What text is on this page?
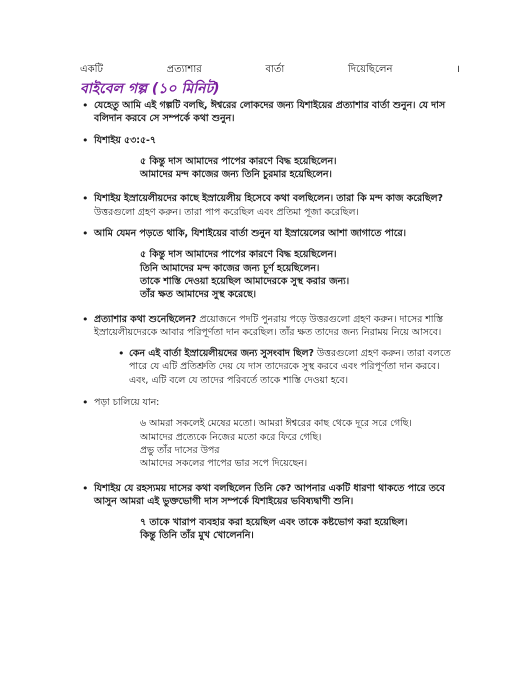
একটি	প্রত্যাশার	বার্তা	দিয়েছিলেন	।
বাইবেল গল্প (১০ মিনিট)
• যেহেতু আমি এই গল্পটি বলছি, ঈশ্বরের লোকদের জন্য যিশাইয়ের প্রত্যাশার বার্তা শুনুন। যে দাস বলিদান করবে সে সম্পর্কে কথা শুনুন।
• যিশাইয় ৫৩:৫-৭
৫ কিন্তু দাস আমাদের পাপের কারণে বিদ্ধ হয়েছিলেন।
আমাদের মন্দ কাজের জন্য তিনি চুরমার হয়েছিলেন।
• যিশাইয় ইস্রায়েলীয়দের কাছে ইস্রায়েলীয় হিসেবে কথা বলছিলেন। তারা কি মন্দ কাজ করেছিল? উত্তরগুলো গ্রহণ করুন। তারা পাপ করেছিল এবং প্রতিমা পূজা করেছিল।
• আমি যেমন পড়তে থাকি, যিশাইয়ের বার্তা শুনুন যা ইস্রায়েলের আশা জাগাতে পারে।
৫ কিন্তু দাস আমাদের পাপের কারণে বিদ্ধ হয়েছিলেন।
তিনি আমাদের মন্দ কাজের জন্য চূর্ণ হয়েছিলেন।
তাকে শাস্তি দেওয়া হয়েছিল আমাদেরকে সুস্থ করার জন্য।
তাঁর ক্ষত আমাদের সুস্থ করেছে।
• প্রত্যাশার কথা শুনেছিলেন? প্রয়োজনে পদটি পুনরায় পড়ে উত্তরগুলো গ্রহণ করুন। দাসের শাস্তি ইস্রায়েলীয়দেরকে আবার পরিপূর্ণতা দান করেছিল। তাঁর ক্ষত তাদের জন্য নিরাময় নিয়ে আসবে।
• কেন এই বার্তা ইস্রায়েলীয়দের জন্য সুসংবাদ ছিল? উত্তরগুলো গ্রহণ করুন। তারা বলতে পারে যে এটি প্রতিশ্রুতি দেয় যে দাস তাদেরকে সুস্থ করবে এবং পরিপূর্ণতা দান করবে। এবং, এটি বলে যে তাদের পরিবর্তে তাকে শাস্তি দেওয়া হবে।
• পড়া চালিয়ে যান:
৬ আমরা সকলেই মেষের মতো। আমরা ঈশ্বরের কাছ থেকে দূরে সরে গেছি।
আমাদের প্রত্যেকে নিজের মতো করে ফিরে গেছি।
প্রভু তাঁর দাসের উপর
আমাদের সকলের পাপের ভার সপে দিয়েছেন।
• যিশাইয় যে রহস্যময় দাসের কথা বলছিলেন তিনি কে? আপনার একটি ধারণা থাকতে পারে তবে আসুন আমরা এই ভুক্তভোগী দাস সম্পর্কে যিশাইয়ের ভবিষ্যদ্বাণী শুনি।
৭ তাকে খারাপ ব্যবহার করা হয়েছিল এবং তাকে কষ্টভোগ করা হয়েছিল।
কিন্তু তিনি তাঁর মুখ খোলেননি।
